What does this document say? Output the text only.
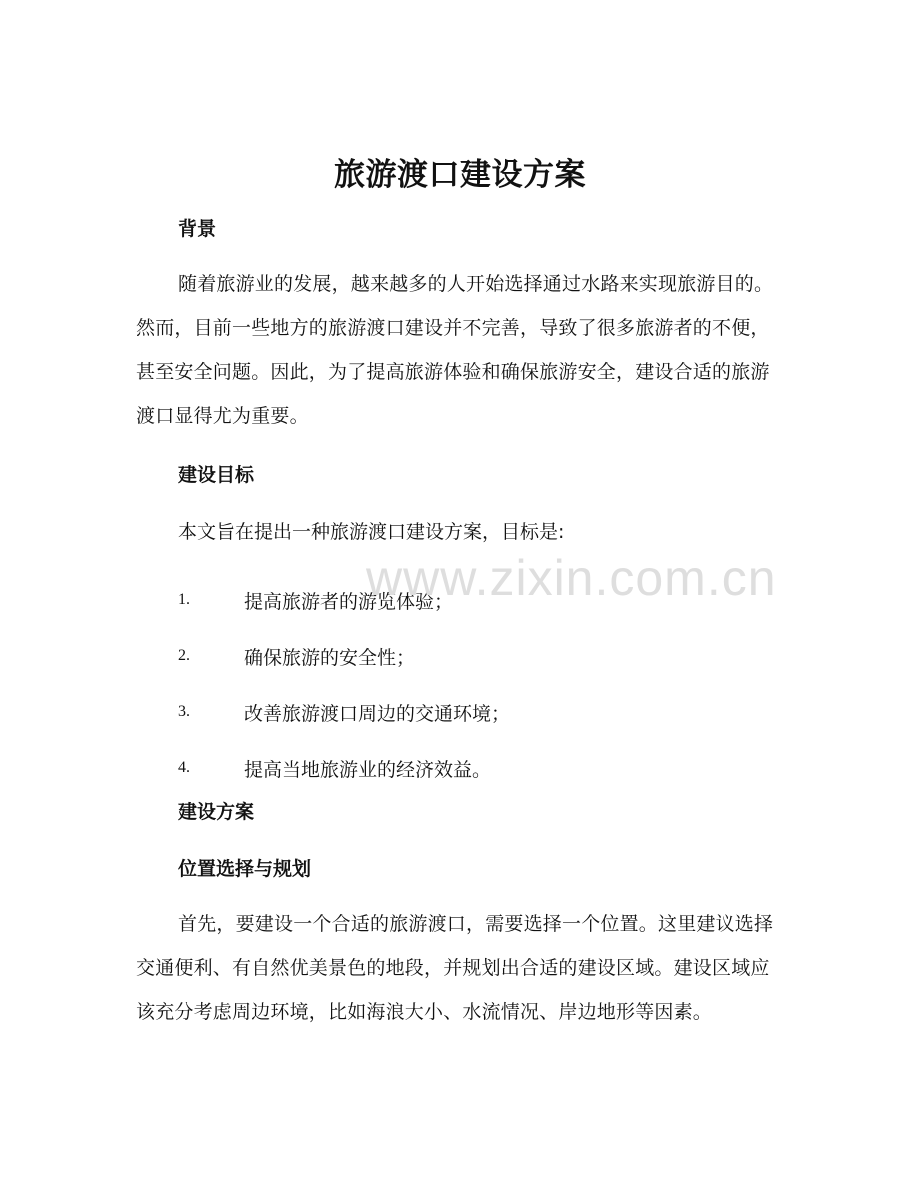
旅游渡口建设方案
背景

随着旅游业的发展，越来越多的人开始选择通过水路来实现旅游目的。然而，目前一些地方的旅游渡口建设并不完善，导致了很多旅游者的不便，甚至安全问题。因此，为了提高旅游体验和确保旅游安全，建设合适的旅游渡口显得尤为重要。

建设目标
本文旨在提出一种旅游渡口建设方案，目标是:
1.	提高旅游者的游览体验；
2.	确保旅游的安全性；
3.	改善旅游渡口周边的交通环境；
4.	提高当地旅游业的经济效益。
建设方案
位置选择与规划

首先，要建设一个合适的旅游渡口，需要选择一个位置。这里建议选择交通便利、有自然优美景色的地段，并规划出合适的建设区域。建设区域应该充分考虑周边环境，比如海浪大小、水流情况、岸边地形等因素。

www.zixin.com.cn
